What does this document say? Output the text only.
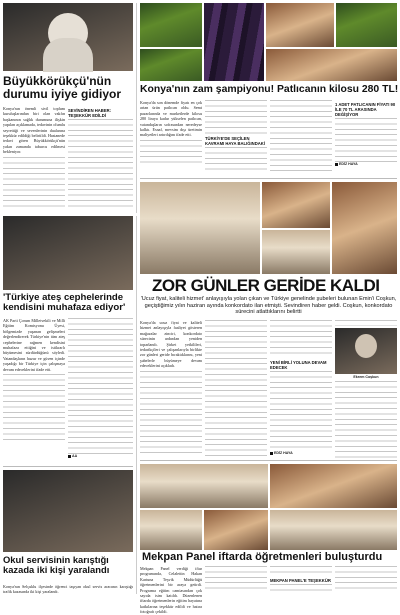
Büyükkörükçü'nün durumu iyiye gidiyor

Konya'nın önemli sivil toplum kuruluşlarından biri olan vakfın başkanının sağlık durumuna ilişkin yapılan açıklamada, tedavinin olumlu seyrettiği ve sevenlerinin dualarına teşekkür edildiği belirtildi. Hastanede tedavi gören Büyükkörükçü'nün yakın zamanda taburcu edilmesi bekleniyor.

SEVİNDİREN HABER: TEŞEKKÜR EDİLDİ
Konya'nın zam şampiyonu! Patlıcanın kilosu 280 TL!

Konya'da son dönemde fiyatı en çok artan ürün patlıcan oldu. Semt pazarlarında ve marketlerde kilosu 280 liraya kadar yükselen patlıcan, vatandaşların sofrasından neredeyse kalktı. Esnaf, mevsim dışı üretimin maliyetleri artırdığını ifade etti.

TÜRKİYE'DE SEÇİLEN KAVRAMI HAYA BALIĞINDAKİ
1 ADET PATLICANIN FİYATI 90 İLE 70 TL ARASINDA DEĞİŞİYOR
EDİZ HAYA
ZOR GÜNLER GERİDE KALDI
'Ucuz fiyat, kaliteli hizmet' anlayışıyla yolan çıkan ve Türkiye genelinde şubeleri bulunan Emin'i Coşkun, geçiştiğimiz yılın haziran ayında konkordato ilan etmişti. Sevindiren haber geldi. Coşkun, konkordato sürecini atlattıklarını belirtti

Konya'da ucuz fiyat ve kaliteli hizmet anlayışıyla faaliyet gösteren mağazalar zinciri, konkordato sürecinin ardından yeniden toparlandı. Şirket yetkilileri, tedarikçileri ve çalışanlarıyla birlikte zor günleri geride bıraktıklarını, yeni şubelerle büyümeye devam edeceklerini açıkladı.

YENİ BİRLİ YOLUNA DEVAM EDECEK
EDİZ HAYA
Ekrem Coşkun
'Türkiye ateş cephelerinde kendisini muhafaza ediyor'

AK Parti Çorum Milletvekili ve Milli Eğitim Komisyonu Üyesi, bölgemizde yaşanan gelişmeleri değerlendirerek Türkiye'nin tüm ateş cephelerine rağmen kendisini muhafaza ettiğini ve istikrarlı büyümesini sürdürdüğünü söyledi. Vatandaşların huzur ve güven içinde yaşadığı bir Türkiye için çalışmaya devam edeceklerini ifade etti.

AA
Okul servisinin karıştığı kazada iki kişi yaralandı
Konya'nın Selçuklu ilçesinde öğrenci taşıyan okul servis aracının karıştığı trafik kazasında iki kişi yaralandı.
Mekpan Panel iftarda öğretmenleri buluşturdu

Mekpan Panel verdiği iftar programında, Celalettin Hakan Kartuna Teşvik Müdürlüğü öğretmenlerini bir araya getirdi. Programa eğitim camiasından çok sayıda isim katıldı. Düzenlenen iftarda öğretmenlerin eğitim hayatına katkılarına teşekkür edildi ve hatıra fotoğrafı çekildi.

MEKPAN PANEL'E TEŞEKKÜR
